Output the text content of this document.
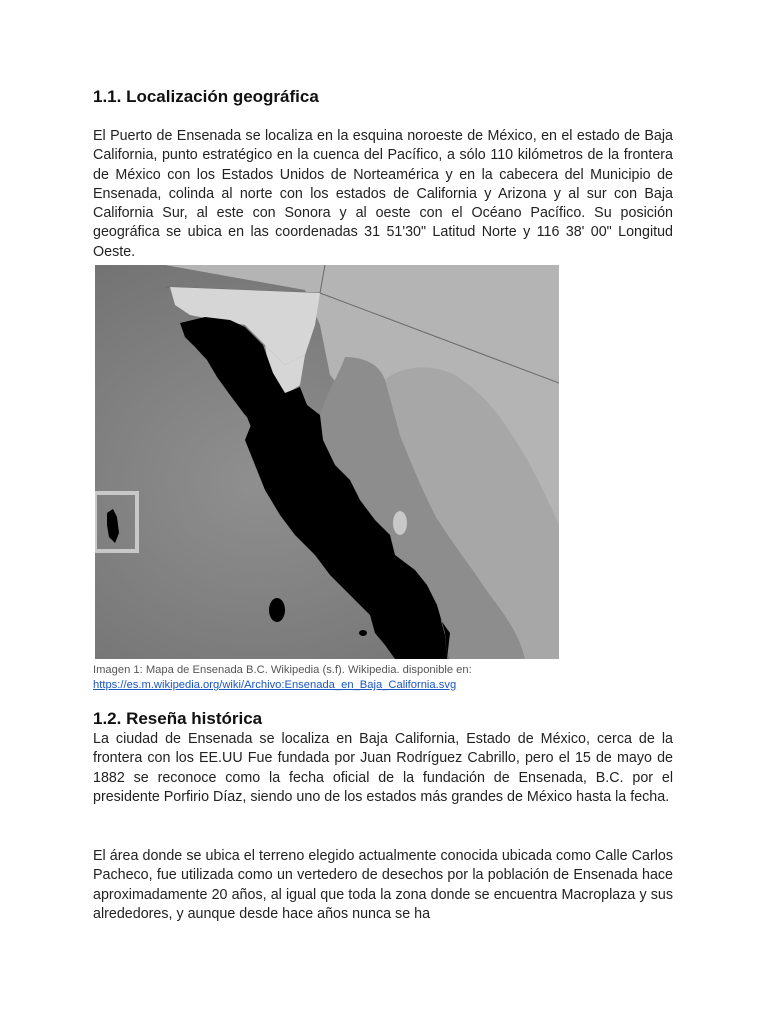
1.1. Localización geográfica

El Puerto de Ensenada se localiza en la esquina noroeste de México, en el estado de Baja California, punto estratégico en la cuenca del Pacífico, a sólo 110 kilómetros de la frontera de México con los Estados Unidos de Norteamérica y en la cabecera del Municipio de Ensenada, colinda al norte con los estados de California y Arizona y al sur con Baja California Sur, al este con Sonora y al oeste con el Océano Pacífico. Su posición geográfica se ubica en las coordenadas 31 51'30" Latitud Norte y 116 38' 00" Longitud Oeste.

Imagen 1: Mapa de Ensenada B.C. Wikipedia (s.f). Wikipedia. disponible en:
https://es.m.wikipedia.org/wiki/Archivo:Ensenada_en_Baja_California.svg
1.2. Reseña histórica

La ciudad de Ensenada se localiza en Baja California, Estado de México, cerca de la frontera con los EE.UU Fue fundada por Juan Rodríguez Cabrillo, pero el 15 de mayo de 1882 se reconoce como la fecha oficial de la fundación de Ensenada, B.C. por el presidente Porfirio Díaz, siendo uno de los estados más grandes de México hasta la fecha.

El área donde se ubica el terreno elegido actualmente conocida ubicada como Calle Carlos Pacheco, fue utilizada como un vertedero de desechos por la población de Ensenada hace aproximadamente 20 años, al igual que toda la zona donde se encuentra Macroplaza y sus alrededores, y aunque desde hace años nunca se ha
